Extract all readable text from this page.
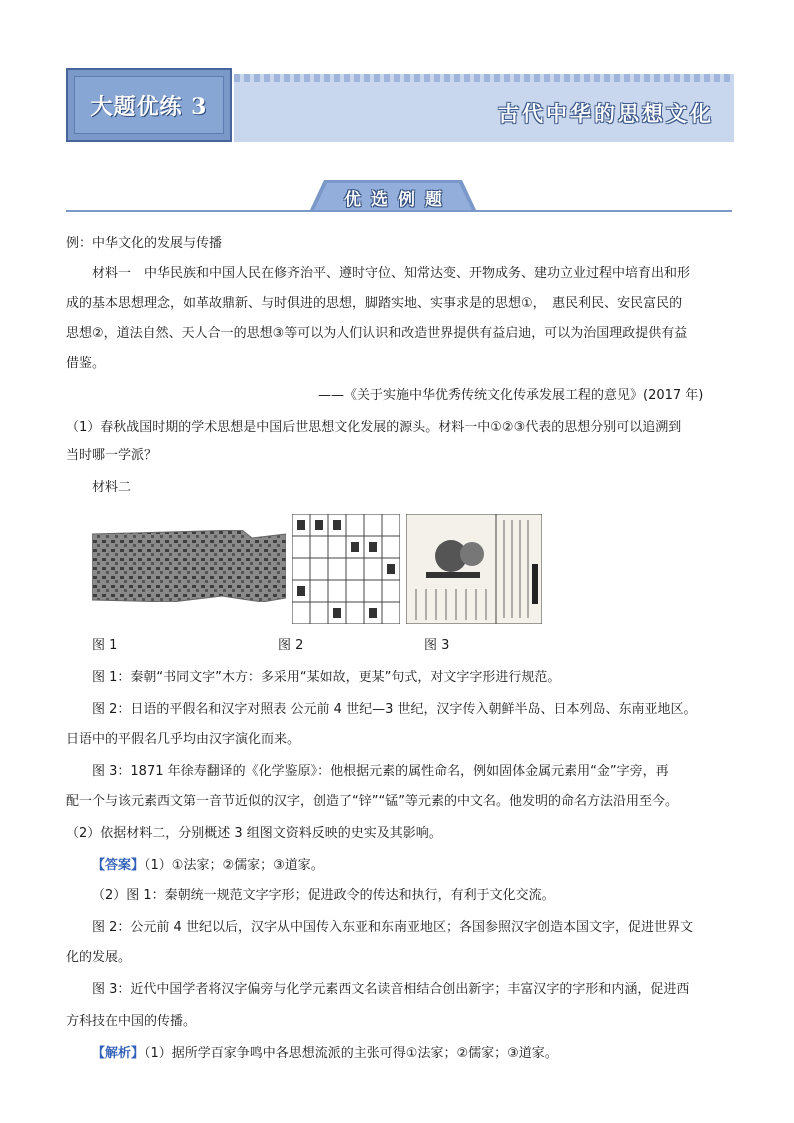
大题优练 3	古代中华的思想文化
优选例题
例：中华文化的发展与传播
材料一　中华民族和中国人民在修齐治平、遵时守位、知常达变、开物成务、建功立业过程中培育出和形
成的基本思想理念，如革故鼎新、与时俱进的思想，脚踏实地、实事求是的思想①，　惠民利民、安民富民的
思想②，道法自然、天人合一的思想③等可以为人们认识和改造世界提供有益启迪，可以为治国理政提供有益
借鉴。
——《关于实施中华优秀传统文化传承发展工程的意见》(2017 年)
（1）春秋战国时期的学术思想是中国后世思想文化发展的源头。材料一中①②③代表的思想分别可以追溯到
当时哪一学派？
材料二
图 1	图 2	图 3
图 1：秦朝“书同文字”木方：多采用“某如故，更某”句式，对文字字形进行规范。
图 2：日语的平假名和汉字对照表 公元前 4 世纪—3 世纪，汉字传入朝鲜半岛、日本列岛、东南亚地区。
日语中的平假名几乎均由汉字演化而来。
图 3：1871 年徐寿翻译的《化学鉴原》：他根据元素的属性命名，例如固体金属元素用“金”字旁，再
配一个与该元素西文第一音节近似的汉字，创造了“锌”“锰”等元素的中文名。他发明的命名方法沿用至今。
（2）依据材料二，分别概述 3 组图文资料反映的史实及其影响。
【答案】（1）①法家；②儒家；③道家。
（2）图 1：秦朝统一规范文字字形；促进政令的传达和执行，有利于文化交流。
图 2：公元前 4 世纪以后，汉字从中国传入东亚和东南亚地区；各国参照汉字创造本国文字，促进世界文
化的发展。
图 3：近代中国学者将汉字偏旁与化学元素西文名读音相结合创出新字；丰富汉字的字形和内涵，促进西
方科技在中国的传播。
【解析】（1）据所学百家争鸣中各思想流派的主张可得①法家；②儒家；③道家。
